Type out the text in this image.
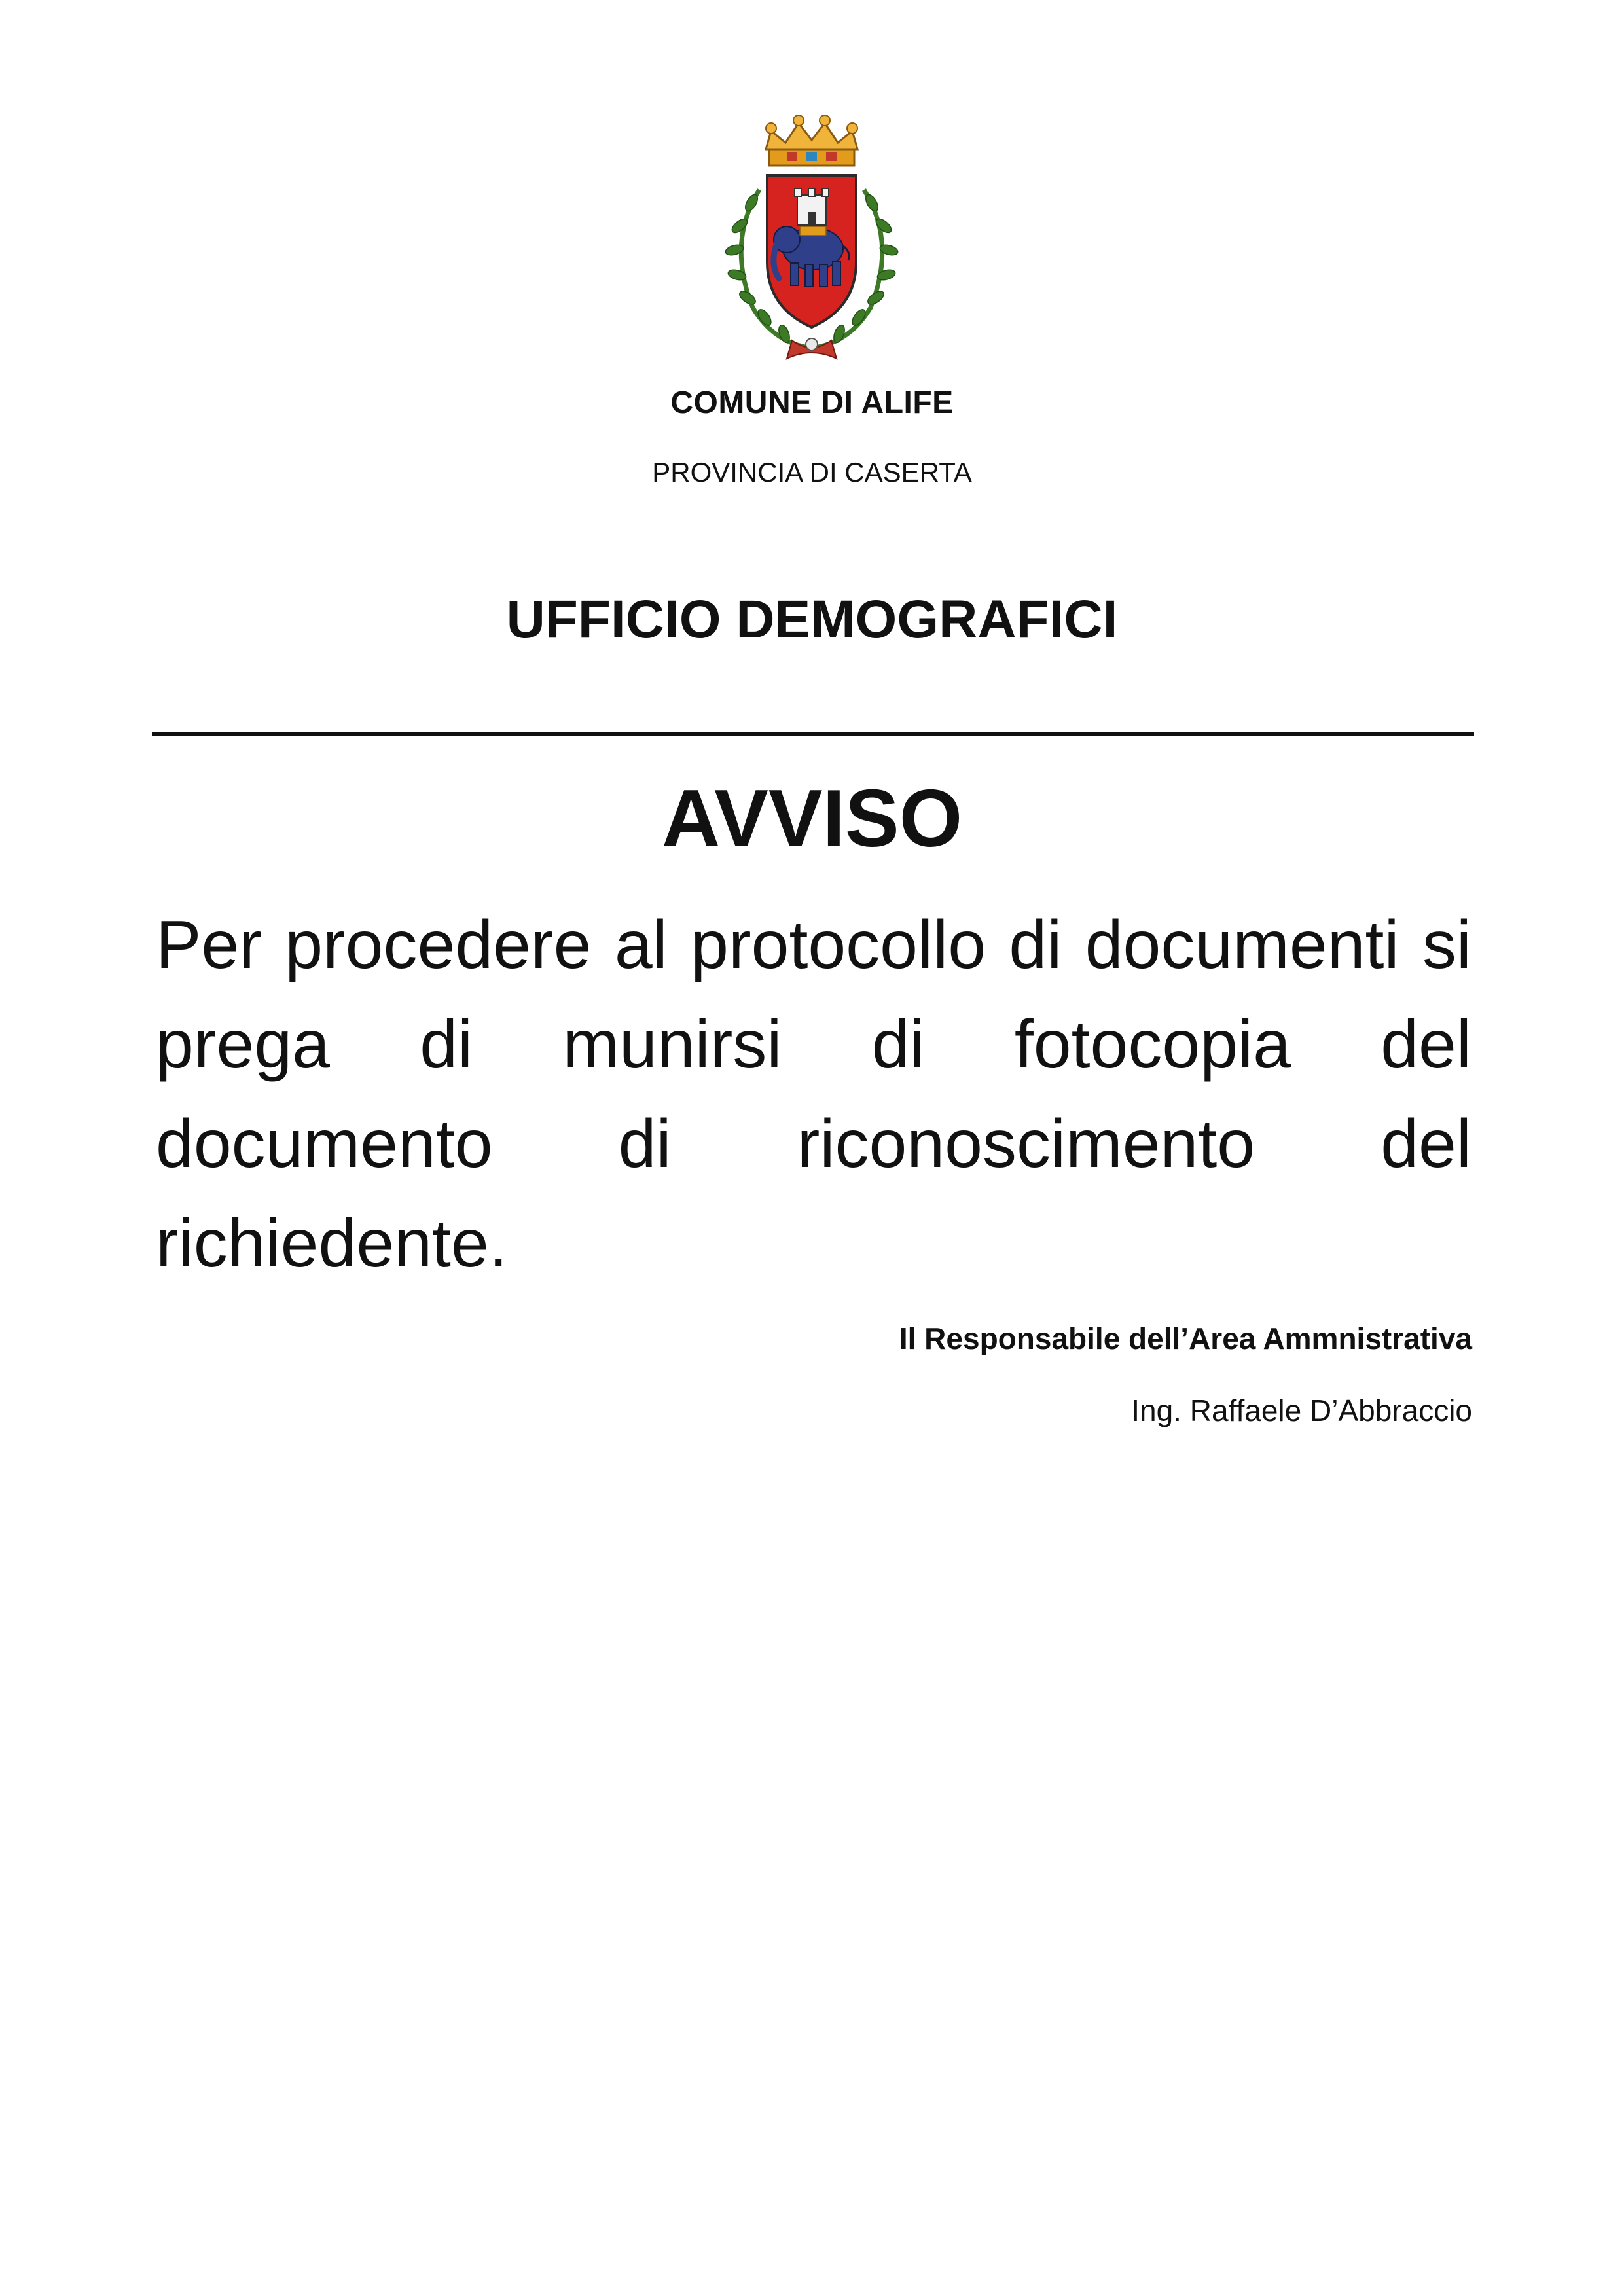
COMUNE DI ALIFE
PROVINCIA DI CASERTA
UFFICIO DEMOGRAFICI
AVVISO
Per procedere al protocollo di documenti si prega di munirsi di fotocopia del documento di riconoscimento del richiedente.
Il Responsabile dell’Area Ammnistrativa
Ing. Raffaele D’Abbraccio
